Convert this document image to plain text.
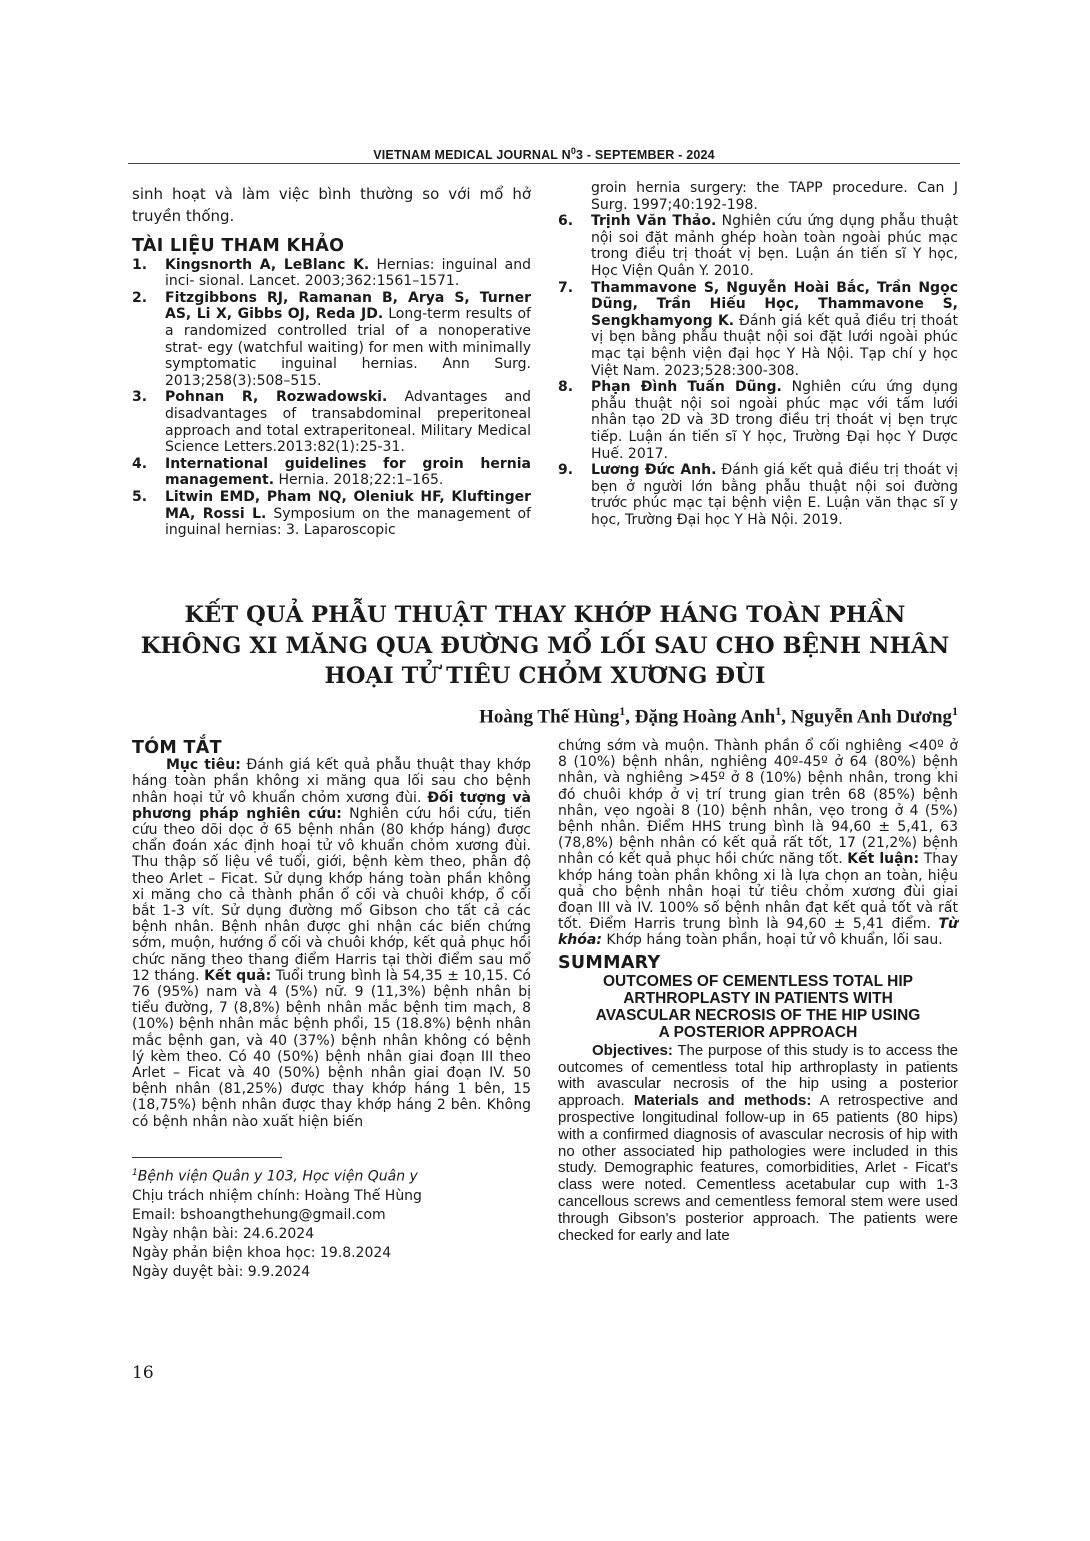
VIETNAM MEDICAL JOURNAL $N^03$ - SEPTEMBER - 2024

sinh hoạt và làm việc bình thường so với mổ hở truyền thống.

TÀI LIỆU THAM KHẢO
1.	Kingsnorth A, LeBlanc K. Hernias: inguinal and inci- sional. Lancet. 2003;362:1561–1571.
2.	Fitzgibbons RJ, Ramanan B, Arya S, Turner AS, Li X, Gibbs OJ, Reda JD. Long-term results of a randomized controlled trial of a nonoperative strat- egy (watchful waiting) for men with minimally symptomatic inguinal hernias. Ann Surg. 2013;258(3):508–515.
3.	Pohnan R, Rozwadowski. Advantages and disadvantages of transabdominal preperitoneal approach and total extraperitoneal. Military Medical Science Letters.2013:82(1):25-31.
4.	International guidelines for groin hernia management. Hernia. 2018;22:1–165.
5.	Litwin EMD, Pham NQ, Oleniuk HF, Kluftinger MA, Rossi L. Symposium on the management of inguinal hernias: 3. Laparoscopic

groin hernia surgery: the TAPP procedure. Can J Surg. 1997;40:192-198.

6.	Trịnh Văn Thảo. Nghiên cứu ứng dụng phẫu thuật nội soi đặt mảnh ghép hoàn toàn ngoài phúc mạc trong điều trị thoát vị bẹn. Luận án tiến sĩ Y học, Học Viện Quân Y. 2010.
7.	Thammavone S, Nguyễn Hoài Bắc, Trần Ngọc Dũng, Trần Hiếu Học, Thammavone S, Sengkhamyong K. Đánh giá kết quả điều trị thoát vị bẹn bằng phẫu thuật nội soi đặt lưới ngoài phúc mạc tại bệnh viện đại học Y Hà Nội. Tạp chí y học Việt Nam. 2023;528:300-308.
8.	Phạn Đình Tuấn Dũng. Nghiên cứu ứng dụng phẫu thuật nội soi ngoài phúc mạc với tấm lưới nhân tạo 2D và 3D trong điều trị thoát vị bẹn trực tiếp. Luận án tiến sĩ Y học, Trường Đại học Y Dược Huế. 2017.
9.	Lương Đức Anh. Đánh giá kết quả điều trị thoát vị bẹn ở người lớn bằng phẫu thuật nội soi đường trước phúc mạc tại bệnh viện E. Luận văn thạc sĩ y học, Trường Đại học Y Hà Nội. 2019.
KẾT QUẢ PHẪU THUẬT THAY KHỚP HÁNG TOÀN PHẦN
KHÔNG XI MĂNG QUA ĐƯỜNG MỔ LỐI SAU CHO BỆNH NHÂN
HOẠI TỬ TIÊU CHỎM XƯƠNG ĐÙI
Hoàng Thế Hùng$^1$, Đặng Hoàng Anh$^1$, Nguyễn Anh Dương$^1$
TÓM TẮT

Mục tiêu: Đánh giá kết quả phẫu thuật thay khớp háng toàn phần không xi măng qua lối sau cho bệnh nhân hoại tử vô khuẩn chỏm xương đùi. Đối tượng và phương pháp nghiên cứu: Nghiên cứu hồi cứu, tiến cứu theo dõi dọc ở 65 bệnh nhân (80 khớp háng) được chẩn đoán xác định hoại tử vô khuẩn chỏm xương đùi. Thu thập số liệu về tuổi, giới, bệnh kèm theo, phân độ theo Arlet – Ficat. Sử dụng khớp háng toàn phần không xi măng cho cả thành phần ổ cối và chuôi khớp, ổ cối bắt 1-3 vít. Sử dụng đường mổ Gibson cho tất cả các bệnh nhân. Bệnh nhân được ghi nhận các biến chứng sớm, muộn, hướng ổ cối và chuôi khớp, kết quả phục hồi chức năng theo thang điểm Harris tại thời điểm sau mổ 12 tháng. Kết quả: Tuổi trung bình là 54,35 ± 10,15. Có 76 (95%) nam và 4 (5%) nữ. 9 (11,3%) bệnh nhân bị tiểu đường, 7 (8,8%) bệnh nhân mắc bệnh tim mạch, 8 (10%) bệnh nhân mắc bệnh phổi, 15 (18.8%) bệnh nhân mắc bệnh gan, và 40 (37%) bệnh nhân không có bệnh lý kèm theo. Có 40 (50%) bệnh nhân giai đoạn III theo Arlet – Ficat và 40 (50%) bệnh nhân giai đoạn IV. 50 bệnh nhân (81,25%) được thay khớp háng 1 bên, 15 (18,75%) bệnh nhân được thay khớp háng 2 bên. Không có bệnh nhân nào xuất hiện biến

chứng sớm và muộn. Thành phần ổ cối nghiêng <40º ở 8 (10%) bệnh nhân, nghiêng 40º-45º ở 64 (80%) bệnh nhân, và nghiêng >45º ở 8 (10%) bệnh nhân, trong khi đó chuôi khớp ở vị trí trung gian trên 68 (85%) bệnh nhân, vẹo ngoài 8 (10) bệnh nhân, vẹo trong ở 4 (5%) bệnh nhân. Điểm HHS trung bình là 94,60 ± 5,41, 63 (78,8%) bệnh nhân có kết quả rất tốt, 17 (21,2%) bệnh nhân có kết quả phục hồi chức năng tốt. Kết luận: Thay khớp háng toàn phần không xi là lựa chọn an toàn, hiệu quả cho bệnh nhân hoại tử tiêu chỏm xương đùi giai đoạn III và IV. 100% số bệnh nhân đạt kết quả tốt và rất tốt. Điểm Harris trung bình là 94,60 ± 5,41 điểm. Từ khóa: Khớp háng toàn phần, hoại tử vô khuẩn, lối sau.

SUMMARY
OUTCOMES OF CEMENTLESS TOTAL HIP
ARTHROPLASTY IN PATIENTS WITH
AVASCULAR NECROSIS OF THE HIP USING
A POSTERIOR APPROACH

Objectives: The purpose of this study is to access the outcomes of cementless total hip arthroplasty in patients with avascular necrosis of the hip using a posterior approach. Materials and methods: A retrospective and prospective longitudinal follow-up in 65 patients (80 hips) with a confirmed diagnosis of avascular necrosis of hip with no other associated hip pathologies were included in this study. Demographic features, comorbidities, Arlet - Ficat's class were noted. Cementless acetabular cup with 1-3 cancellous screws and cementless femoral stem were used through Gibson's posterior approach. The patients were checked for early and late

$^1$Bệnh viện Quân y 103, Học viện Quân y
Chịu trách nhiệm chính: Hoàng Thế Hùng
Email: bshoangthehung@gmail.com
Ngày nhận bài: 24.6.2024
Ngày phản biện khoa học: 19.8.2024
Ngày duyệt bài: 9.9.2024
16
